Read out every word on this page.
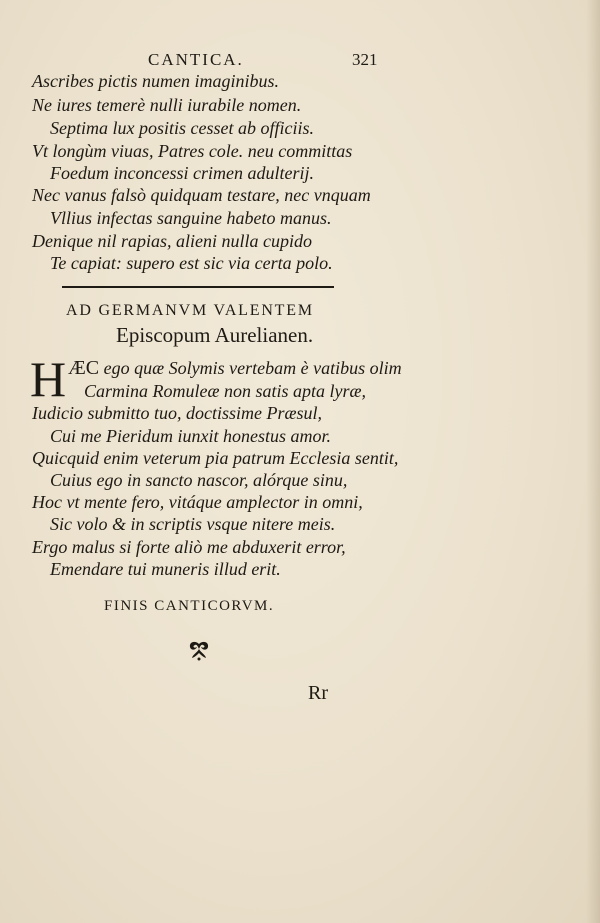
CANTICA.	321
Ascribes pictis numen imaginibus.
Ne iures temerè nulli iurabile nomen.
Septima lux positis cesset ab officiis.
Vt longùm viuas, Patres cole. neu committas
Foedum inconcessi crimen adulterij.
Nec vanus falsò quidquam testare, nec vnquam
Vllius infectas sanguine habeto manus.
Denique nil rapias, alieni nulla cupido
Te capiat: supero est sic via certa polo.
AD GERMANVM VALENTEM
Episcopum Aurelianen.
H ÆC ego quæ Solymis vertebam è vatibus olim
Carmina Romuleæ non satis apta lyræ,
Iudicio submitto tuo, doctissime Præsul,
Cui me Pieridum iunxit honestus amor.
Quicquid enim veterum pia patrum Ecclesia sentit,
Cuius ego in sancto nascor, alórque sinu,
Hoc vt mente fero, vitáque amplector in omni,
Sic volo & in scriptis vsque nitere meis.
Ergo malus si forte aliò me abduxerit error,
Emendare tui muneris illud erit.
FINIS CANTICORVM.
Rr
